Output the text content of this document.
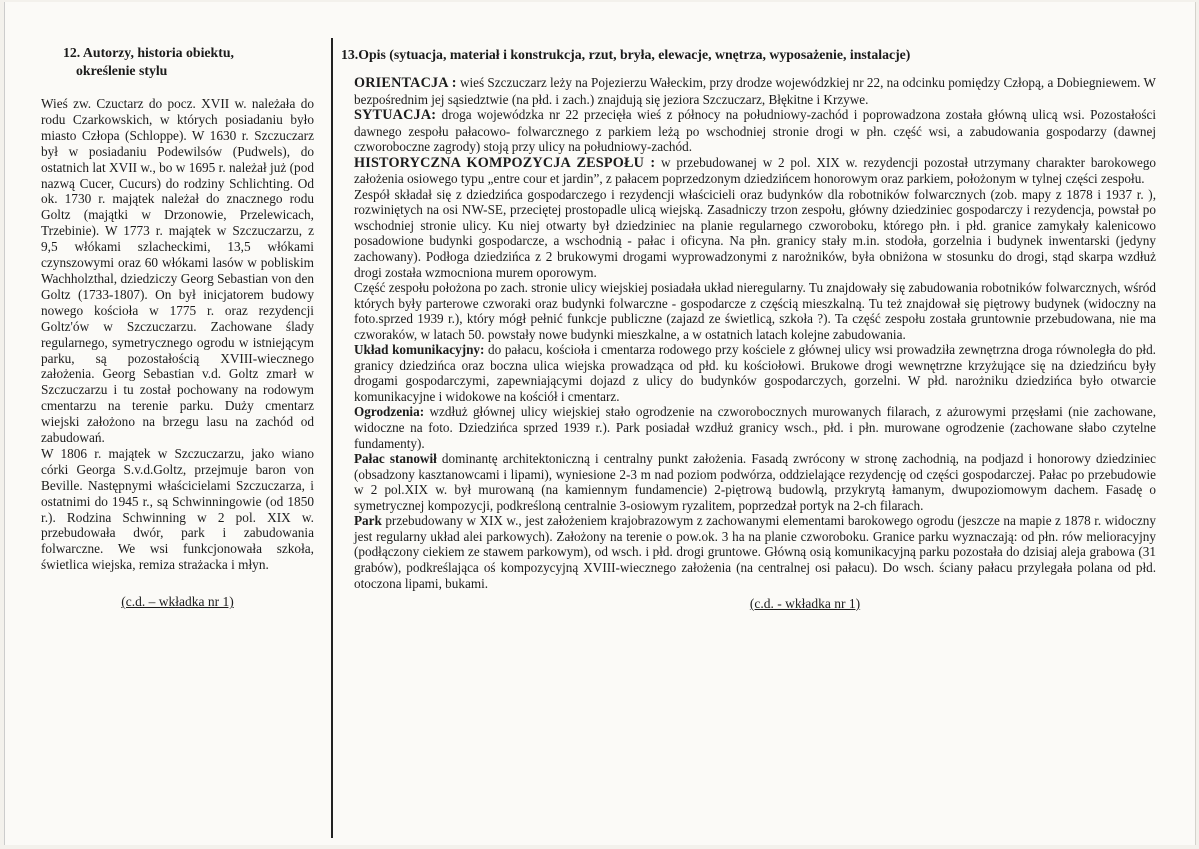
12. Autorzy, historia obiektu,
określenie stylu

Wieś zw. Czuctarz do pocz. XVII w. należała do rodu Czarkowskich, w których posiadaniu było miasto Człopa (Schloppe). W 1630 r. Szczuczarz był w posiadaniu Podewilsów (Pudwels), do ostatnich lat XVII w., bo w 1695 r. należał już (pod nazwą Cucer, Cucurs) do rodziny Schlichting. Od ok. 1730 r. majątek należał do znacznego rodu Goltz (majątki w Drzonowie, Przelewicach, Trzebinie). W 1773 r. majątek w Szczuczarzu, z 9,5 włókami szlacheckimi, 13,5 włókami czynszowymi oraz 60 włókami lasów w pobliskim Wachholzthal, dziedziczy Georg Sebastian von den Goltz (1733-1807). On był inicjatorem budowy nowego kościoła w 1775 r. oraz rezydencji Goltz'ów w Szczuczarzu. Zachowane ślady regularnego, symetrycznego ogrodu w istniejącym parku, są pozostałością XVIII-wiecznego założenia. Georg Sebastian v.d. Goltz zmarł w Szczuczarzu i tu został pochowany na rodowym cmentarzu na terenie parku. Duży cmentarz wiejski założono na brzegu lasu na zachód od zabudowań.

W 1806 r. majątek w Szczuczarzu, jako wiano córki Georga S.v.d.Goltz, przejmuje baron von Beville. Następnymi właścicielami Szczuczarza, i ostatnimi do 1945 r., są Schwinningowie (od 1850 r.). Rodzina Schwinning w 2 pol. XIX w. przebudowała dwór, park i zabudowania folwarczne. We wsi funkcjonowała szkoła, świetlica wiejska, remiza strażacka i młyn.

(c.d. – wkładka nr 1)
13.Opis (sytuacja, materiał i konstrukcja, rzut, bryła, elewacje, wnętrza, wyposażenie, instalacje)

ORIENTACJA : wieś Szczuczarz leży na Pojezierzu Wałeckim, przy drodze wojewódzkiej nr 22, na odcinku pomiędzy Człopą, a Dobiegniewem. W bezpośrednim jej sąsiedztwie (na płd. i zach.) znajdują się jeziora Szczuczarz, Błękitne i Krzywe.

SYTUACJA: droga wojewódzka nr 22 przecięła wieś z północy na południowy-zachód i poprowadzona została główną ulicą wsi. Pozostałości dawnego zespołu pałacowo- folwarcznego z parkiem leżą po wschodniej stronie drogi w płn. część wsi, a zabudowania gospodarzy (dawnej czworoboczne zagrody) stoją przy ulicy na południowy-zachód.

HISTORYCZNA KOMPOZYCJA ZESPOŁU : w przebudowanej w 2 pol. XIX w. rezydencji pozostał utrzymany charakter barokowego założenia osiowego typu „entre cour et jardin”, z pałacem poprzedzonym dziedzińcem honorowym oraz parkiem, położonym w tylnej części zespołu.

Zespół składał się z dziedzińca gospodarczego i rezydencji właścicieli oraz budynków dla robotników folwarcznych (zob. mapy z 1878 i 1937 r. ), rozwiniętych na osi NW-SE, przeciętej prostopadle ulicą wiejską. Zasadniczy trzon zespołu, główny dziedziniec gospodarczy i rezydencja, powstał po wschodniej stronie ulicy. Ku niej otwarty był dziedziniec na planie regularnego czworoboku, którego płn. i płd. granice zamykały kalenicowo posadowione budynki gospodarcze, a wschodnią - pałac i oficyna. Na płn. granicy stały m.in. stodoła, gorzelnia i budynek inwentarski (jedyny zachowany). Podłoga dziedzińca z 2 brukowymi drogami wyprowadzonymi z narożników, była obniżona w stosunku do drogi, stąd skarpa wzdłuż drogi została wzmocniona murem oporowym.

Część zespołu położona po zach. stronie ulicy wiejskiej posiadała układ nieregularny. Tu znajdowały się zabudowania robotników folwarcznych, wśród których były parterowe czworaki oraz budynki folwarczne - gospodarcze z częścią mieszkalną. Tu też znajdował się piętrowy budynek (widoczny na foto.sprzed 1939 r.), który mógł pełnić funkcje publiczne (zajazd ze świetlicą, szkoła ?). Ta część zespołu została gruntownie przebudowana, nie ma czworaków, w latach 50. powstały nowe budynki mieszkalne, a w ostatnich latach kolejne zabudowania.

Układ komunikacyjny: do pałacu, kościoła i cmentarza rodowego przy kościele z głównej ulicy wsi prowadziła zewnętrzna droga równoległa do płd. granicy dziedzińca oraz boczna ulica wiejska prowadząca od płd. ku kościołowi. Brukowe drogi wewnętrzne krzyżujące się na dziedzińcu były drogami gospodarczymi, zapewniającymi dojazd z ulicy do budynków gospodarczych, gorzelni. W płd. narożniku dziedzińca było otwarcie komunikacyjne i widokowe na kościół i cmentarz.

Ogrodzenia: wzdłuż głównej ulicy wiejskiej stało ogrodzenie na czworobocznych murowanych filarach, z ażurowymi przęsłami (nie zachowane, widoczne na foto. Dziedzińca sprzed 1939 r.). Park posiadał wzdłuż granicy wsch., płd. i płn. murowane ogrodzenie (zachowane słabo czytelne fundamenty).

Pałac stanowił dominantę architektoniczną i centralny punkt założenia. Fasadą zwrócony w stronę zachodnią, na podjazd i honorowy dziedziniec (obsadzony kasztanowcami i lipami), wyniesione 2-3 m nad poziom podwórza, oddzielające rezydencję od części gospodarczej. Pałac po przebudowie w 2 pol.XIX w. był murowaną (na kamiennym fundamencie) 2-piętrową budowlą, przykrytą łamanym, dwupoziomowym dachem. Fasadę o symetrycznej kompozycji, podkreśloną centralnie 3-osiowym ryzalitem, poprzedzał portyk na 2-ch filarach.

Park przebudowany w XIX w., jest założeniem krajobrazowym z zachowanymi elementami barokowego ogrodu (jeszcze na mapie z 1878 r. widoczny jest regularny układ alei parkowych). Założony na terenie o pow.ok. 3 ha na planie czworoboku. Granice parku wyznaczają: od płn. rów melioracyjny (podłączony ciekiem ze stawem parkowym), od wsch. i płd. drogi gruntowe. Główną osią komunikacyjną parku pozostała do dzisiaj aleja grabowa (31 grabów), podkreślająca oś kompozycyjną XVIII-wiecznego założenia (na centralnej osi pałacu). Do wsch. ściany pałacu przylegała polana od płd. otoczona lipami, bukami.

(c.d. - wkładka nr 1)
